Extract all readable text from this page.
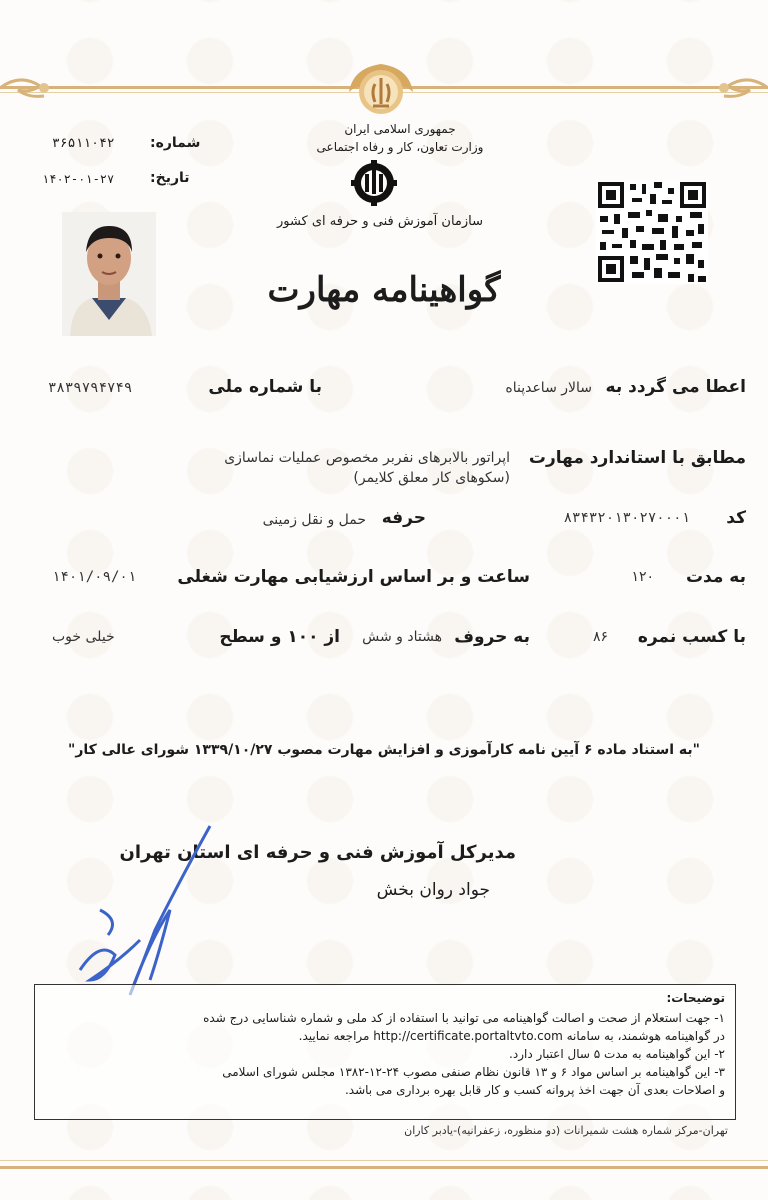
جمهوری اسلامی ایران
وزارت تعاون، کار و رفاه اجتماعی
سازمان آموزش فنی و حرفه ای کشور
شماره:
۳۶۵۱۱۰۴۲
تاریخ:
۱۴۰۲-۰۱-۲۷
گواهینامه مهارت
اعطا می گردد به
سالار ساعدپناه
با شماره ملی
۳۸۳۹۷۹۴۷۴۹
مطابق با استاندارد مهارت
اپراتور بالابرهای نفربر مخصوص عملیات نماسازی (سکوهای کار معلق کلایمر)
کد
۸۳۴۳۲۰۱۳۰۲۷۰۰۰۱
حرفه
حمل و نقل زمینی
به مدت
۱۲۰
ساعت و بر اساس ارزشیابی مهارت شغلی
۱۴۰۱/۰۹/۰۱
با کسب نمره
۸۶
به حروف
هشتاد و شش
از ۱۰۰ و سطح
خیلی خوب
"به استناد ماده ۶ آیین نامه کارآموزی و افزایش مهارت مصوب ۱۳۳۹/۱۰/۲۷ شورای عالی کار"
مدیرکل آموزش فنی و حرفه ای استان تهران
جواد روان بخش
توضیحات:
۱- جهت استعلام از صحت و اصالت گواهینامه می توانید با استفاده از کد ملی و شماره شناسایی درج شده
در گواهینامه هوشمند، به سامانه http://certificate.portaltvto.com مراجعه نمایید.
۲- این گواهینامه به مدت ۵ سال اعتبار دارد.
۳- این گواهینامه بر اساس مواد ۶ و ۱۳ قانون نظام صنفی مصوب ۲۴-۱۲-۱۳۸۲ مجلس شورای اسلامی
و اصلاحات بعدی آن جهت اخذ پروانه کسب و کار قابل بهره برداری می باشد.
تهران-مرکز شماره هشت شمیرانات (دو منظوره، زعفرانیه)-یادبر کاران
